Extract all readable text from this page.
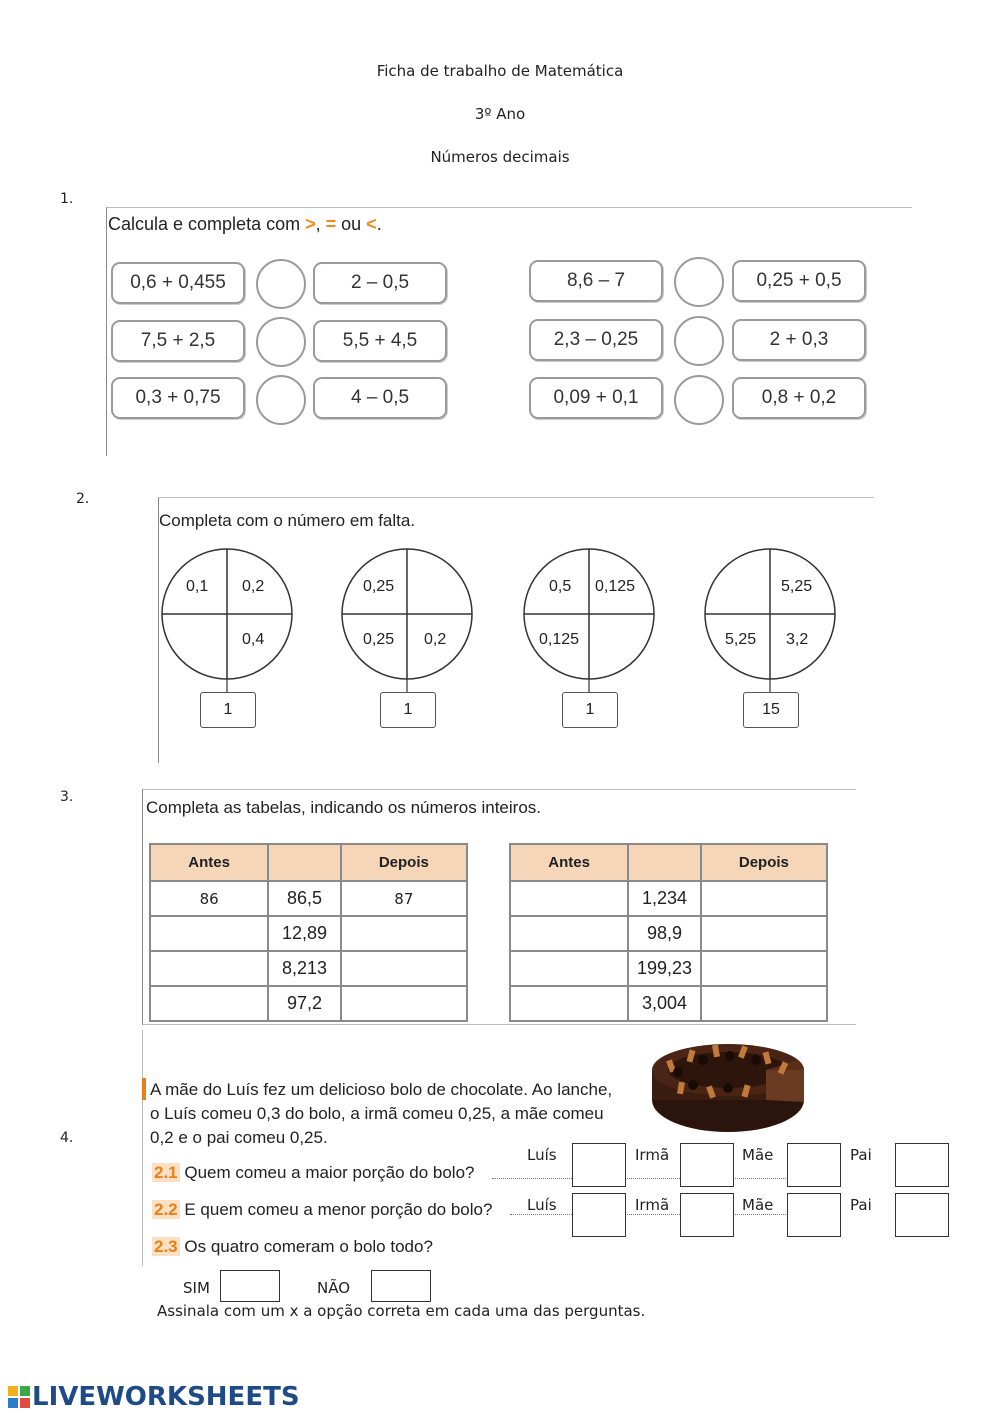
Ficha de trabalho de Matemática
3º Ano
Números decimais
1.
Calcula e completa com >, = ou <.
0,6 + 0,455	2 – 0,5
7,5 + 2,5	5,5 + 4,5
0,3 + 0,75	4 – 0,5
8,6 – 7	0,25 + 0,5
2,3 – 0,25	2 + 0,3
0,09 + 0,1	0,8 + 0,2
2.
Completa com o número em falta.
0,1 0,2
0,4
1
0,25
0,25 0,2
1
0,5 0,125
0,125
1
5,25
5,25 3,2
15
3.
Completa as tabelas, indicando os números inteiros.
Antes		Depois
86	86,5	87
	12,89	
	8,213	
	97,2	
Antes		Depois
	1,234	
	98,9	
	199,23	
	3,004	
4.
A mãe do Luís fez um delicioso bolo de chocolate. Ao lanche,
o Luís comeu 0,3 do bolo, a irmã comeu 0,25, a mãe comeu
0,2 e o pai comeu 0,25.
2.1 Quem comeu a maior porção do bolo?
2.2 E quem comeu a menor porção do bolo?
2.3 Os quatro comeram o bolo todo?
Luís	Irmã	Mãe	Pai
Luís	Irmã	Mãe	Pai
SIM	NÃO
Assinala com um x a opção correta em cada uma das perguntas.
LIVEWORKSHEETS
